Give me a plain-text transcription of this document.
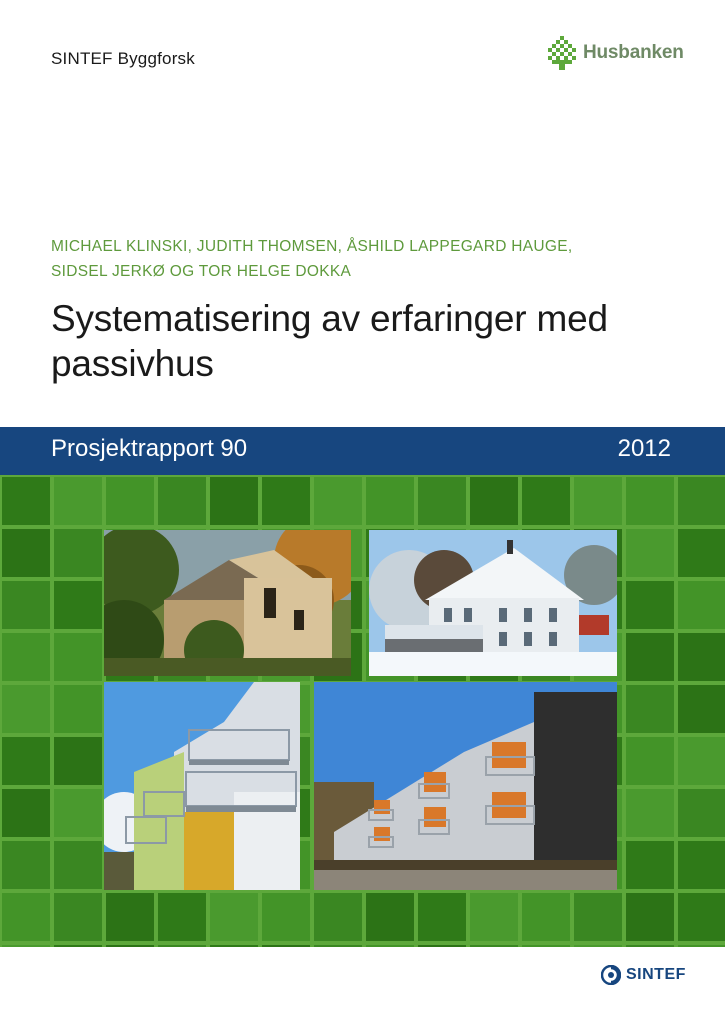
SINTEF Byggforsk	Husbanken
MICHAEL KLINSKI, JUDITH THOMSEN, ÅSHILD LAPPEGARD HAUGE,
SIDSEL JERKØ OG TOR HELGE DOKKA
Systematisering av erfaringer med
passivhus
Prosjektrapport 90	2012
SINTEF
